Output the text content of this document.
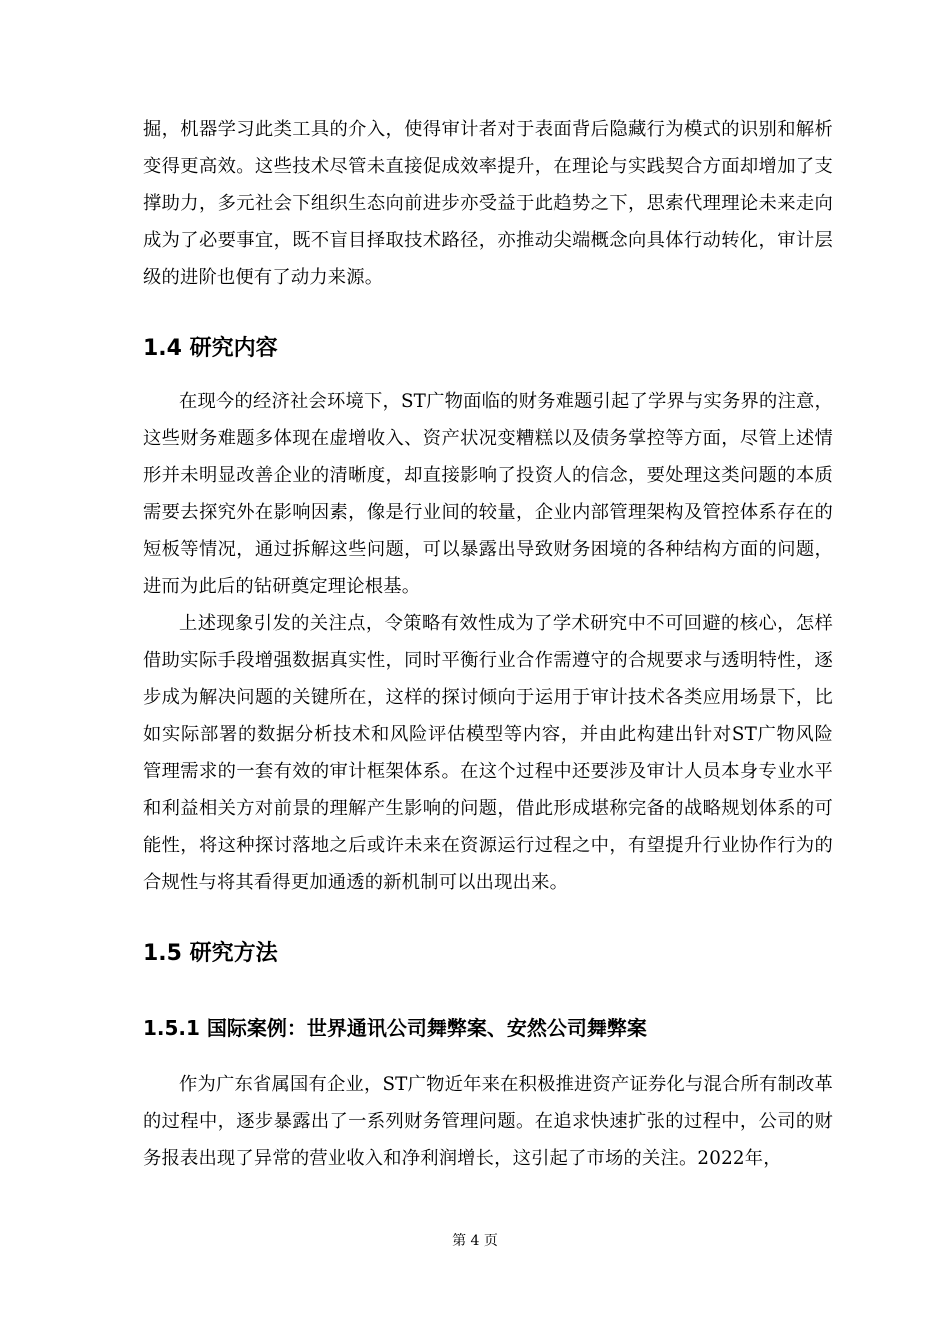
掘，机器学习此类工具的介入，使得审计者对于表面背后隐藏行为模式的识别和解析变得更高效。这些技术尽管未直接促成效率提升，在理论与实践契合方面却增加了支撑助力，多元社会下组织生态向前进步亦受益于此趋势之下，思索代理理论未来走向成为了必要事宜，既不盲目择取技术路径，亦推动尖端概念向具体行动转化，审计层级的进阶也便有了动力来源。

1.4 研究内容

在现今的经济社会环境下，ST广物面临的财务难题引起了学界与实务界的注意，这些财务难题多体现在虚增收入、资产状况变糟糕以及债务掌控等方面，尽管上述情形并未明显改善企业的清晰度，却直接影响了投资人的信念，要处理这类问题的本质需要去探究外在影响因素，像是行业间的较量，企业内部管理架构及管控体系存在的短板等情况，通过拆解这些问题，可以暴露出导致财务困境的各种结构方面的问题，进而为此后的钻研奠定理论根基。

上述现象引发的关注点，令策略有效性成为了学术研究中不可回避的核心，怎样借助实际手段增强数据真实性，同时平衡行业合作需遵守的合规要求与透明特性，逐步成为解决问题的关键所在，这样的探讨倾向于运用于审计技术各类应用场景下，比如实际部署的数据分析技术和风险评估模型等内容，并由此构建出针对ST广物风险管理需求的一套有效的审计框架体系。在这个过程中还要涉及审计人员本身专业水平和利益相关方对前景的理解产生影响的问题，借此形成堪称完备的战略规划体系的可能性，将这种探讨落地之后或许未来在资源运行过程之中，有望提升行业协作行为的合规性与将其看得更加通透的新机制可以出现出来。

1.5 研究方法
1.5.1 国际案例：世界通讯公司舞弊案、安然公司舞弊案

作为广东省属国有企业，ST广物近年来在积极推进资产证券化与混合所有制改革的过程中，逐步暴露出了一系列财务管理问题。在追求快速扩张的过程中，公司的财务报表出现了异常的营业收入和净利润增长，这引起了市场的关注。2022年，

第 4 页
